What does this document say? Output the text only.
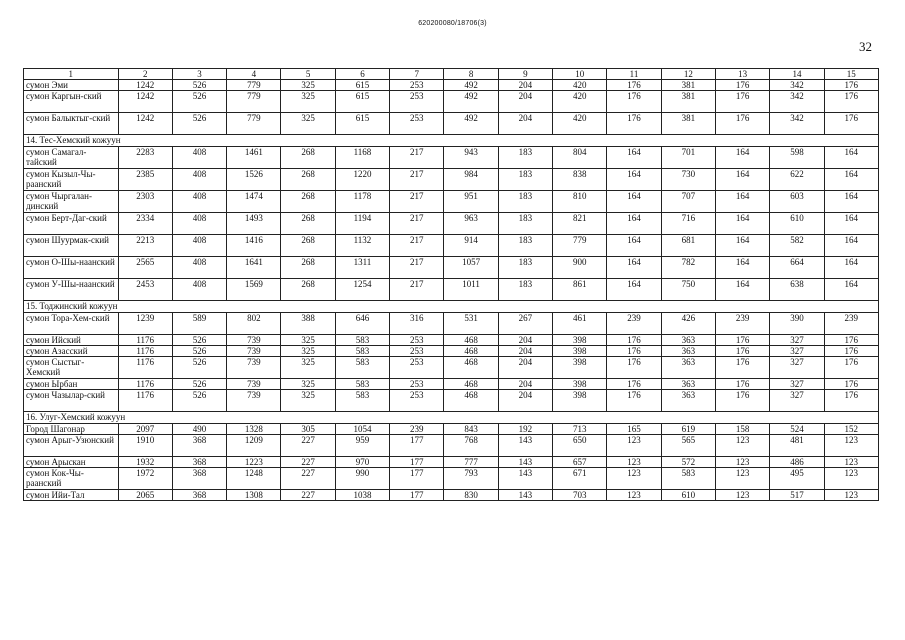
620200080/18706(3)
32
1	2	3	4	5	6	7	8	9	10	11	12	13	14	15
сумон Эми	1242	526	779	325	615	253	492	204	420	176	381	176	342	176
сумон Каргын-ский	1242	526	779	325	615	253	492	204	420	176	381	176	342	176
сумон Балыктыг-ский	1242	526	779	325	615	253	492	204	420	176	381	176	342	176
14. Тес-Хемский кожуун														
сумон Самагал-тайский	2283	408	1461	268	1168	217	943	183	804	164	701	164	598	164
сумон Кызыл-Чы-раанский	2385	408	1526	268	1220	217	984	183	838	164	730	164	622	164
сумон Чыргалан-динский	2303	408	1474	268	1178	217	951	183	810	164	707	164	603	164
сумон Берт-Даг-ский	2334	408	1493	268	1194	217	963	183	821	164	716	164	610	164
сумон Шуурмак-ский	2213	408	1416	268	1132	217	914	183	779	164	681	164	582	164
сумон О-Шы-наанский	2565	408	1641	268	1311	217	1057	183	900	164	782	164	664	164
сумон У-Шы-наанский	2453	408	1569	268	1254	217	1011	183	861	164	750	164	638	164
15. Тоджинский кожуун														
сумон Тора-Хем-ский	1239	589	802	388	646	316	531	267	461	239	426	239	390	239
сумон Ийский	1176	526	739	325	583	253	468	204	398	176	363	176	327	176
сумон Азасский	1176	526	739	325	583	253	468	204	398	176	363	176	327	176
сумон Сыстыг-Хемский	1176	526	739	325	583	253	468	204	398	176	363	176	327	176
сумон Ырбан	1176	526	739	325	583	253	468	204	398	176	363	176	327	176
сумон Чазылар-ский	1176	526	739	325	583	253	468	204	398	176	363	176	327	176
16. Улуг-Хемский кожуун														
Город Шагонар	2097	490	1328	305	1054	239	843	192	713	165	619	158	524	152
сумон Арыг-Узюнский	1910	368	1209	227	959	177	768	143	650	123	565	123	481	123
сумон Арыскан	1932	368	1223	227	970	177	777	143	657	123	572	123	486	123
сумон Кок-Чы-раанский	1972	368	1248	227	990	177	793	143	671	123	583	123	495	123
сумон Ийи-Тал	2065	368	1308	227	1038	177	830	143	703	123	610	123	517	123
